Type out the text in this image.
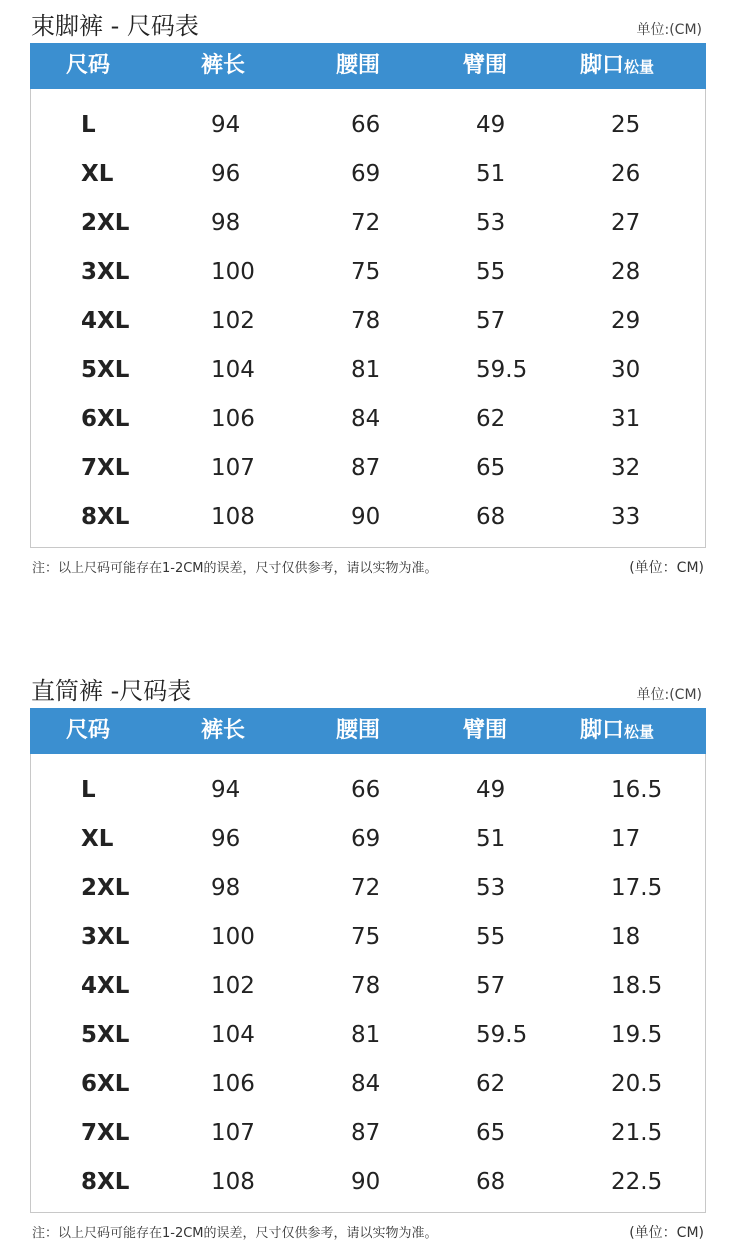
束脚裤 - 尺码表	单位:(CM)
尺码	裤长	腰围	臂围	脚口松量
L	94	66	49	25
XL	96	69	51	26
2XL	98	72	53	27
3XL	100	75	55	28
4XL	102	78	57	29
5XL	104	81	59.5	30
6XL	106	84	62	31
7XL	107	87	65	32
8XL	108	90	68	33
注：以上尺码可能存在1-2CM的误差，尺寸仅供参考，请以实物为准。	(单位：CM)
直筒裤 -尺码表	单位:(CM)
尺码	裤长	腰围	臂围	脚口松量
L	94	66	49	16.5
XL	96	69	51	17
2XL	98	72	53	17.5
3XL	100	75	55	18
4XL	102	78	57	18.5
5XL	104	81	59.5	19.5
6XL	106	84	62	20.5
7XL	107	87	65	21.5
8XL	108	90	68	22.5
注：以上尺码可能存在1-2CM的误差，尺寸仅供参考，请以实物为准。	(单位：CM)
